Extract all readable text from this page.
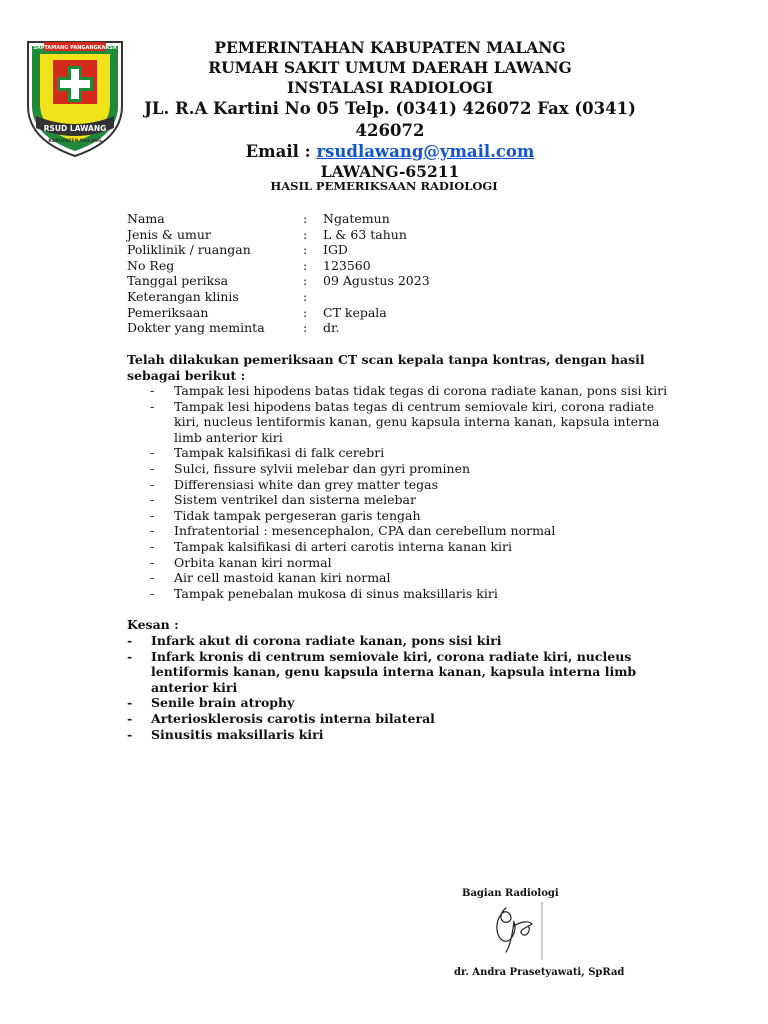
SAPTAMANG PANGANGKARSA
RSUD LAWANG
KABUPATEN MALANG
PEMERINTAHAN KABUPATEN MALANG
RUMAH SAKIT UMUM DAERAH LAWANG
INSTALASI RADIOLOGI
JL. R.A Kartini No 05 Telp. (0341) 426072 Fax (0341) 426072
Email : rsudlawang@ymail.com
LAWANG-65211
HASIL PEMERIKSAAN RADIOLOGI
Nama	: Ngatemun
Jenis & umur	: L & 63 tahun
Poliklinik / ruangan	: IGD
No Reg	: 123560
Tanggal periksa	: 09 Agustus 2023
Keterangan klinis	:
Pemeriksaan	: CT kepala
Dokter yang meminta	: dr.
Telah dilakukan pemeriksaan CT scan kepala tanpa kontras, dengan hasil sebagai berikut :
- Tampak lesi hipodens batas tidak tegas di corona radiate kanan, pons sisi kiri
- Tampak lesi hipodens batas tegas di centrum semiovale kiri, corona radiate kiri, nucleus lentiformis kanan, genu kapsula interna kanan, kapsula interna limb anterior kiri
- Tampak kalsifikasi di falk cerebri
- Sulci, fissure sylvii melebar dan gyri prominen
- Differensiasi white dan grey matter tegas
- Sistem ventrikel dan sisterna melebar
- Tidak tampak pergeseran garis tengah
- Infratentorial : mesencephalon, CPA dan cerebellum normal
- Tampak kalsifikasi di arteri carotis interna kanan kiri
- Orbita kanan kiri normal
- Air cell mastoid kanan kiri normal
- Tampak penebalan mukosa di sinus maksillaris kiri
Kesan :
- Infark akut di corona radiate kanan, pons sisi kiri
- Infark kronis di centrum semiovale kiri, corona radiate kiri, nucleus lentiformis kanan, genu kapsula interna kanan, kapsula interna limb anterior kiri
- Senile brain atrophy
- Arteriosklerosis carotis interna bilateral
- Sinusitis maksillaris kiri
Bagian Radiologi
dr. Andra Prasetyawati, SpRad
